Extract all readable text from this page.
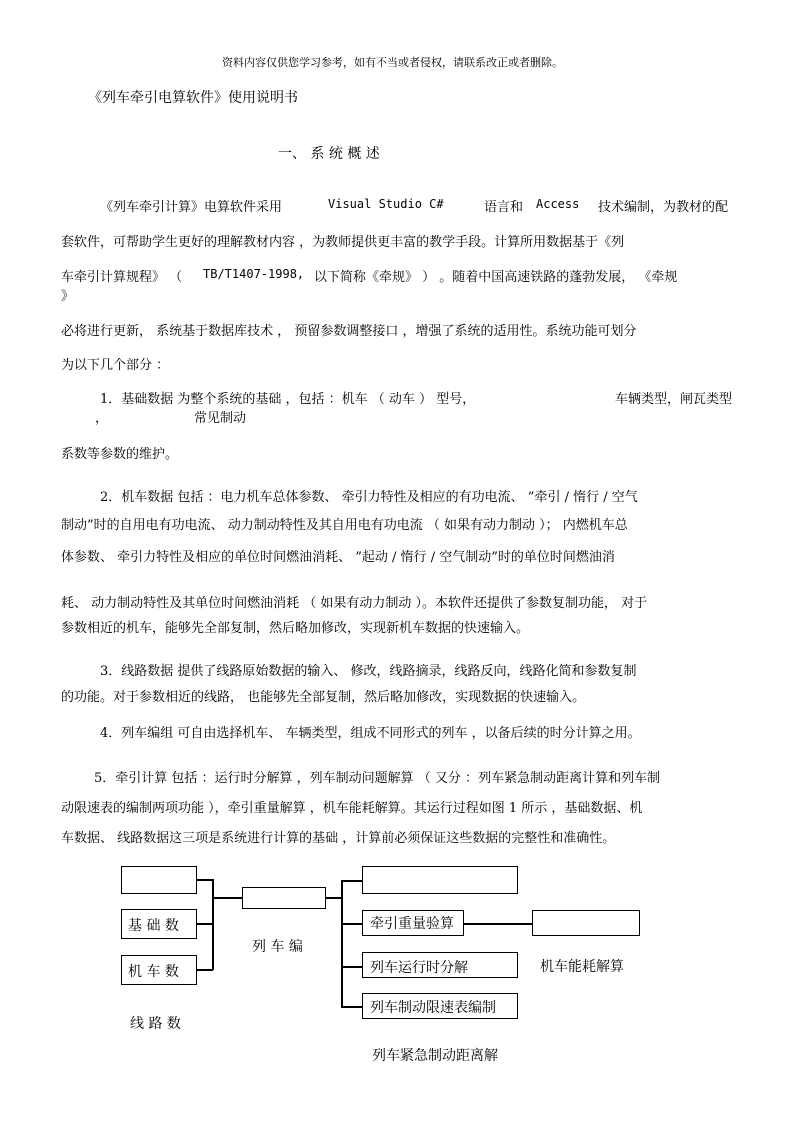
资料内容仅供您学习参考，如有不当或者侵权，请联系改正或者删除。
《列车牵引电算软件》使用说明书
一、 系 统 概 述
《列车牵引计算》电算软件采用	Visual Studio C#	语言和 Access 技术编制，为教材的配
套软件，可帮助学生更好的理解教材内容 ，为教师提供更丰富的教学手段。计算所用数据基于《列
车牵引计算规程》 （ TB/T1407-1998, 以下简称《牵规》 ） 。随着中国高速铁路的蓬勃发展， 《牵规
》
必将进行更新， 系统基于数据库技术 ， 预留参数调整接口 ，增强了系统的适用性。系统功能可划分
为以下几个部分 ：
1．基础数据 为整个系统的基础 ，包括 ：机车 （ 动车 ） 型号，	车辆类型，闸瓦类型
，	常见制动
系数等参数的维护。
2．机车数据 包括 ：电力机车总体参数、 牵引力特性及相应的有功电流、 ”牵引 / 惰行 / 空气
制动”时的自用电有功电流、 动力制动特性及其自用电有功电流 （ 如果有动力制动 ）； 内燃机车总
体参数、 牵引力特性及相应的单位时间燃油消耗、 ”起动 / 惰行 / 空气制动”时的单位时间燃油消
耗、 动力制动特性及其单位时间燃油消耗 （ 如果有动力制动 ）。本软件还提供了参数复制功能， 对于
参数相近的机车，能够先全部复制，然后略加修改，实现新机车数据的快速输入。
3．线路数据 提供了线路原始数据的输入、 修改，线路摘录，线路反向，线路化简和参数复制
的功能。对于参数相近的线路， 也能够先全部复制，然后略加修改，实现数据的快速输入。
4．列车编组 可自由选择机车、 车辆类型，组成不同形式的列车 ，以备后续的时分计算之用。
5．牵引计算 包括 ：运行时分解算 ，列车制动问题解算 （ 又分 ：列车紧急制动距离计算和列车制
动限速表的编制两项功能 ），牵引重量解算 ，机车能耗解算。其运行过程如图 1 所示 ，基础数据、机
车数据、 线路数据这三项是系统进行计算的基础 ，计算前必须保证这些数据的完整性和准确性。
基 础 数
机 车 数
线 路 数
列 车 编
牵引重量验算
列车运行时分解
列车制动限速表编制
机车能耗解算
列车紧急制动距离解
